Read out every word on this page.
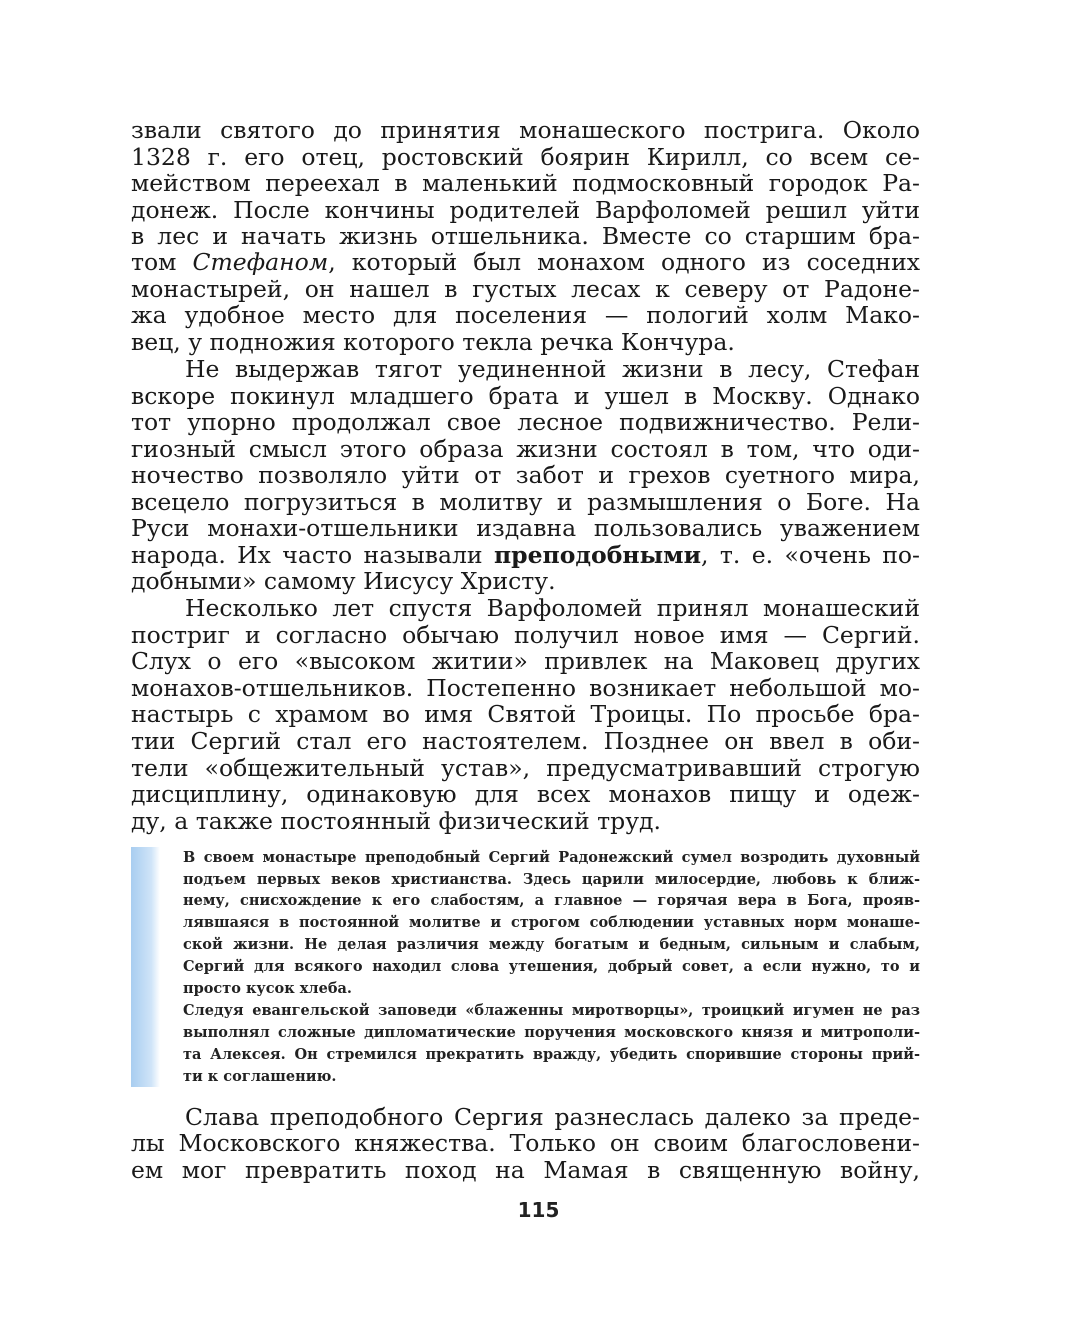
звали святого до принятия монашеского пострига. Около
1328 г. его отец, ростовский боярин Кирилл, со всем се-
мейством переехал в маленький подмосковный городок Ра-
донеж. После кончины родителей Варфоломей решил уйти
в лес и начать жизнь отшельника. Вместе со старшим бра-
том Стефаном, который был монахом одного из соседних
монастырей, он нашел в густых лесах к северу от Радоне-
жа удобное место для поселения — пологий холм Мако-
вец, у подножия которого текла речка Кончура.
Не выдержав тягот уединенной жизни в лесу, Стефан
вскоре покинул младшего брата и ушел в Москву. Однако
тот упорно продолжал свое лесное подвижничество. Рели-
гиозный смысл этого образа жизни состоял в том, что оди-
ночество позволяло уйти от забот и грехов суетного мира,
всецело погрузиться в молитву и размышления о Боге. На
Руси монахи-отшельники издавна пользовались уважением
народа. Их часто называли преподобными, т. е. «очень по-
добными» самому Иисусу Христу.
Несколько лет спустя Варфоломей принял монашеский
постриг и согласно обычаю получил новое имя — Сергий.
Слух о его «высоком житии» привлек на Маковец других
монахов-отшельников. Постепенно возникает небольшой мо-
настырь с храмом во имя Святой Троицы. По просьбе бра-
тии Сергий стал его настоятелем. Позднее он ввел в оби-
тели «общежительный устав», предусматривавший строгую
дисциплину, одинаковую для всех монахов пищу и одеж-
ду, а также постоянный физический труд.
В своем монастыре преподобный Сергий Радонежский сумел возродить духовный
подъем первых веков христианства. Здесь царили милосердие, любовь к ближ-
нему, снисхождение к его слабостям, а главное — горячая вера в Бога, прояв-
лявшаяся в постоянной молитве и строгом соблюдении уставных норм монаше-
ской жизни. Не делая различия между богатым и бедным, сильным и слабым,
Сергий для всякого находил слова утешения, добрый совет, а если нужно, то и
просто кусок хлеба.
Следуя евангельской заповеди «блаженны миротворцы», троицкий игумен не раз
выполнял сложные дипломатические поручения московского князя и митрополи-
та Алексея. Он стремился прекратить вражду, убедить спорившие стороны прий-
ти к соглашению.
Слава преподобного Сергия разнеслась далеко за преде-
лы Московского княжества. Только он своим благословени-
ем мог превратить поход на Мамая в священную войну,
115
